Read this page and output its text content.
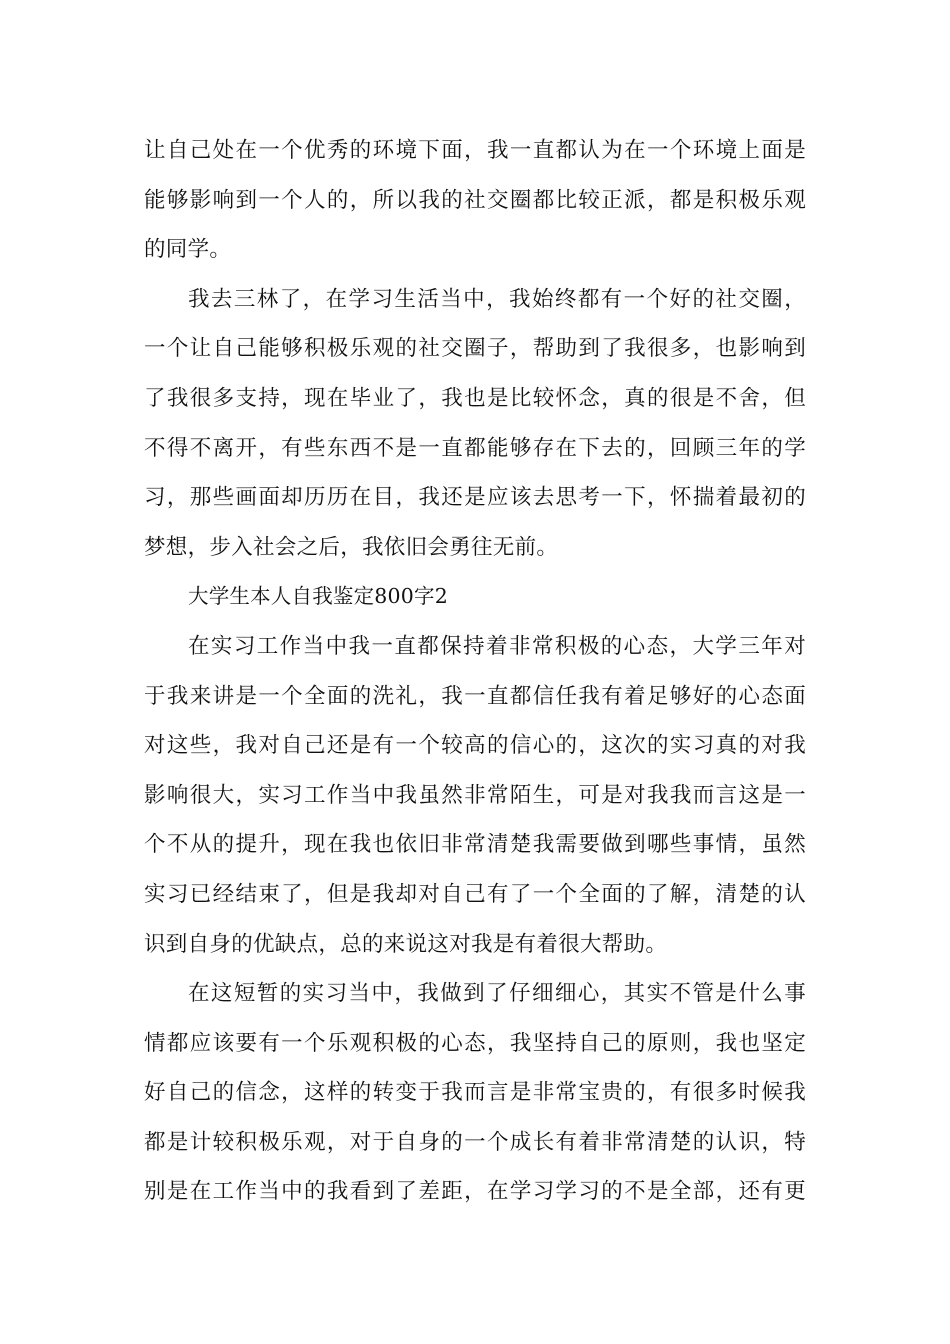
让自己处在一个优秀的环境下面，我一直都认为在一个环境上面是
能够影响到一个人的，所以我的社交圈都比较正派，都是积极乐观
的同学。
我去三林了，在学习生活当中，我始终都有一个好的社交圈，
一个让自己能够积极乐观的社交圈子，帮助到了我很多，也影响到
了我很多支持，现在毕业了，我也是比较怀念，真的很是不舍，但
不得不离开，有些东西不是一直都能够存在下去的，回顾三年的学
习，那些画面却历历在目，我还是应该去思考一下，怀揣着最初的
梦想，步入社会之后，我依旧会勇往无前。
大学生本人自我鉴定800字2
在实习工作当中我一直都保持着非常积极的心态，大学三年对
于我来讲是一个全面的洗礼，我一直都信任我有着足够好的心态面
对这些，我对自己还是有一个较高的信心的，这次的实习真的对我
影响很大，实习工作当中我虽然非常陌生，可是对我我而言这是一
个不从的提升，现在我也依旧非常清楚我需要做到哪些事情，虽然
实习已经结束了，但是我却对自己有了一个全面的了解，清楚的认
识到自身的优缺点，总的来说这对我是有着很大帮助。
在这短暂的实习当中，我做到了仔细细心，其实不管是什么事
情都应该要有一个乐观积极的心态，我坚持自己的原则，我也坚定
好自己的信念，这样的转变于我而言是非常宝贵的，有很多时候我
都是计较积极乐观，对于自身的一个成长有着非常清楚的认识，特
别是在工作当中的我看到了差距，在学习学习的不是全部，还有更
